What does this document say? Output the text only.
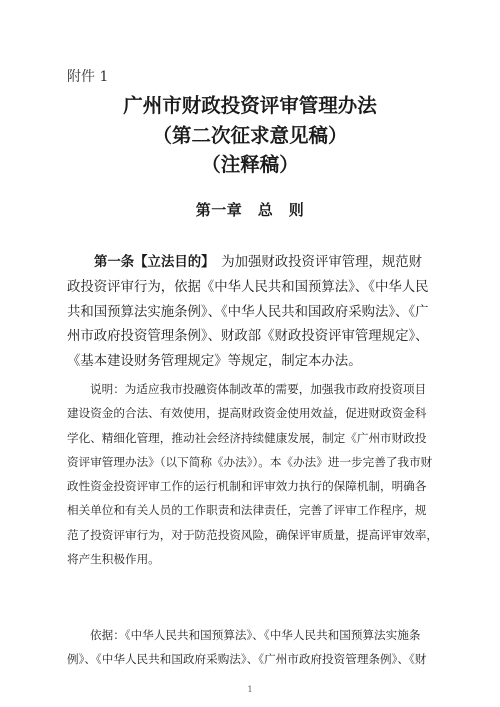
附件 1
广州市财政投资评审管理办法
（第二次征求意见稿）
（注释稿）
第一章　总　则
第一条【立法目的】　为加强财政投资评审管理，规范财
政投资评审行为，依据《中华人民共和国预算法》、《中华人民
共和国预算法实施条例》、《中华人民共和国政府采购法》、《广
州市政府投资管理条例》、财政部《财政投资评审管理规定》、
《基本建设财务管理规定》等规定，制定本办法。
说明：为适应我市投融资体制改革的需要，加强我市政府投资项目
建设资金的合法、有效使用，提高财政资金使用效益，促进财政资金科
学化、精细化管理，推动社会经济持续健康发展，制定《广州市财政投
资评审管理办法》（以下简称《办法》）。本《办法》进一步完善了我市财
政性资金投资评审工作的运行机制和评审效力执行的保障机制，明确各
相关单位和有关人员的工作职责和法律责任，完善了评审工作程序，规
范了投资评审行为，对于防范投资风险，确保评审质量，提高评审效率，
将产生积极作用。
依据：《中华人民共和国预算法》、《中华人民共和国预算法实施条
例》、《中华人民共和国政府采购法》、《广州市政府投资管理条例》、《财
1
